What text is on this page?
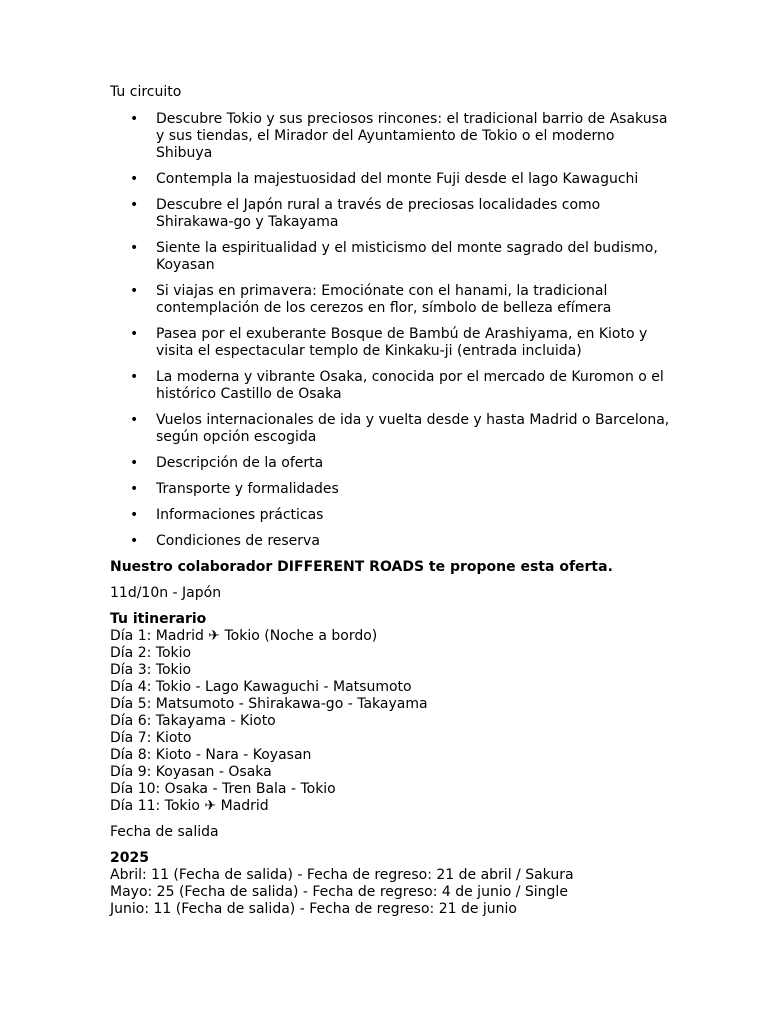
Tu circuito

• Descubre Tokio y sus preciosos rincones: el tradicional barrio de Asakusa y sus tiendas, el Mirador del Ayuntamiento de Tokio o el moderno Shibuya
• Contempla la majestuosidad del monte Fuji desde el lago Kawaguchi
• Descubre el Japón rural a través de preciosas localidades como Shirakawa-go y Takayama
• Siente la espiritualidad y el misticismo del monte sagrado del budismo, Koyasan
• Si viajas en primavera: Emociónate con el hanami, la tradicional contemplación de los cerezos en flor, símbolo de belleza efímera
• Pasea por el exuberante Bosque de Bambú de Arashiyama, en Kioto y visita el espectacular templo de Kinkaku-ji (entrada incluida)
• La moderna y vibrante Osaka, conocida por el mercado de Kuromon o el histórico Castillo de Osaka
• Vuelos internacionales de ida y vuelta desde y hasta Madrid o Barcelona, según opción escogida
• Descripción de la oferta
• Transporte y formalidades
• Informaciones prácticas
• Condiciones de reserva

Nuestro colaborador DIFFERENT ROADS te propone esta oferta.

11d/10n - Japón

Tu itinerario

Día 1: Madrid ✈ Tokio (Noche a bordo)
Día 2: Tokio
Día 3: Tokio
Día 4: Tokio - Lago Kawaguchi - Matsumoto
Día 5: Matsumoto - Shirakawa-go - Takayama
Día 6: Takayama - Kioto
Día 7: Kioto
Día 8: Kioto - Nara - Koyasan
Día 9: Koyasan - Osaka
Día 10: Osaka - Tren Bala - Tokio
Día 11: Tokio ✈ Madrid

Fecha de salida

2025

Abril: 11 (Fecha de salida) - Fecha de regreso: 21 de abril / Sakura
Mayo: 25 (Fecha de salida) - Fecha de regreso: 4 de junio / Single
Junio: 11 (Fecha de salida) - Fecha de regreso: 21 de junio
